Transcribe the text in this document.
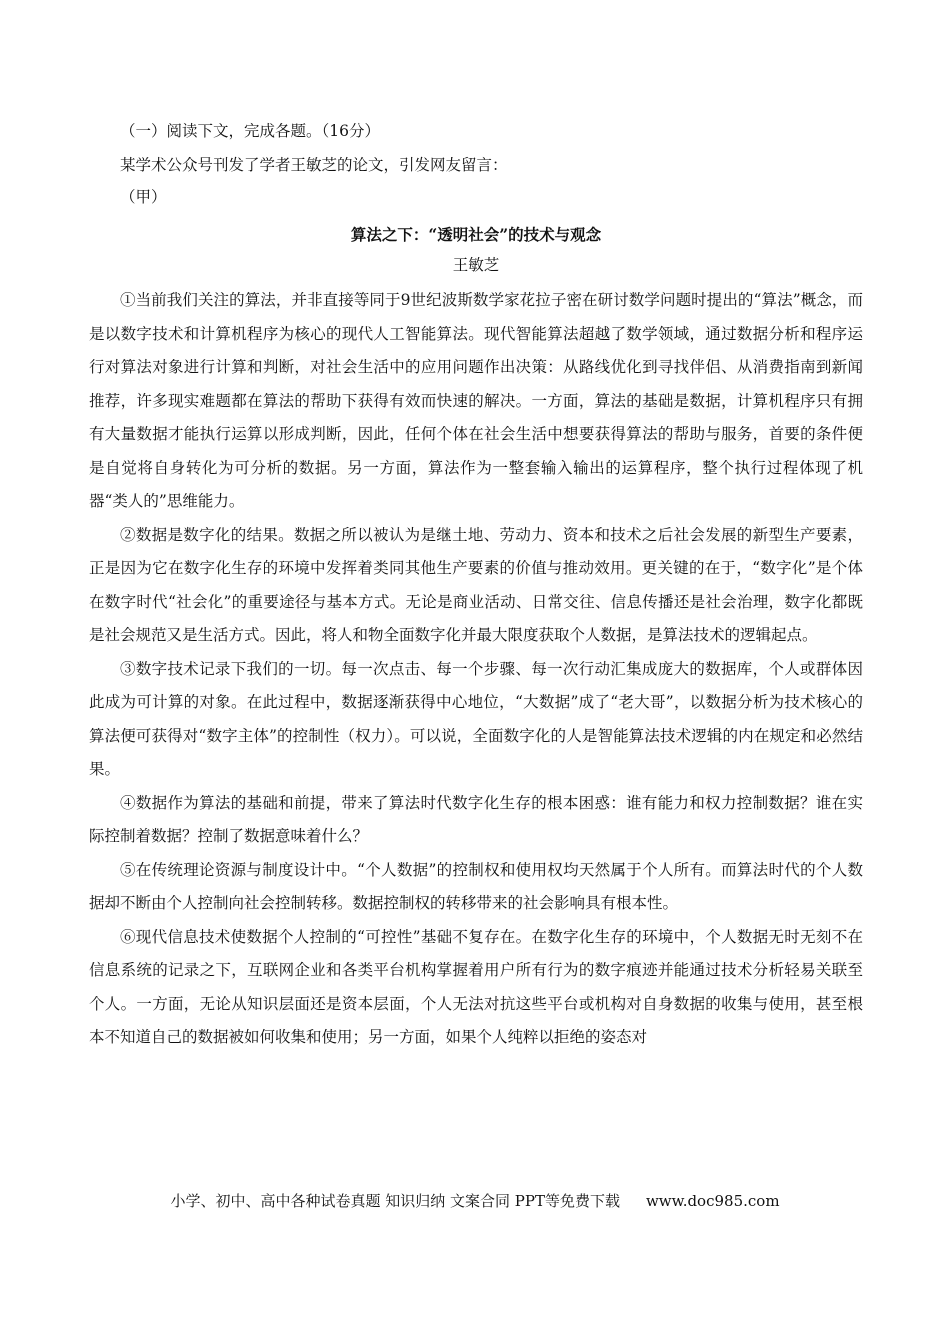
（一）阅读下文，完成各题。（16分）

某学术公众号刊发了学者王敏芝的论文，引发网友留言：

（甲）

算法之下：“透明社会”的技术与观念

王敏芝

①当前我们关注的算法，并非直接等同于9世纪波斯数学家花拉子密在研讨数学问题时提出的“算法”概念，而是以数字技术和计算机程序为核心的现代人工智能算法。现代智能算法超越了数学领域，通过数据分析和程序运行对算法对象进行计算和判断，对社会生活中的应用问题作出决策：从路线优化到寻找伴侣、从消费指南到新闻推荐，许多现实难题都在算法的帮助下获得有效而快速的解决。一方面，算法的基础是数据，计算机程序只有拥有大量数据才能执行运算以形成判断，因此，任何个体在社会生活中想要获得算法的帮助与服务，首要的条件便是自觉将自身转化为可分析的数据。另一方面，算法作为一整套输入输出的运算程序，整个执行过程体现了机器“类人的”思维能力。

②数据是数字化的结果。数据之所以被认为是继土地、劳动力、资本和技术之后社会发展的新型生产要素，正是因为它在数字化生存的环境中发挥着类同其他生产要素的价值与推动效用。更关键的在于，“数字化”是个体在数字时代“社会化”的重要途径与基本方式。无论是商业活动、日常交往、信息传播还是社会治理，数字化都既是社会规范又是生活方式。因此，将人和物全面数字化并最大限度获取个人数据，是算法技术的逻辑起点。

③数字技术记录下我们的一切。每一次点击、每一个步骤、每一次行动汇集成庞大的数据库，个人或群体因此成为可计算的对象。在此过程中，数据逐渐获得中心地位，“大数据”成了“老大哥”，以数据分析为技术核心的算法便可获得对“数字主体”的控制性（权力）。可以说，全面数字化的人是智能算法技术逻辑的内在规定和必然结果。

④数据作为算法的基础和前提，带来了算法时代数字化生存的根本困惑：谁有能力和权力控制数据？谁在实际控制着数据？控制了数据意味着什么？

⑤在传统理论资源与制度设计中。“个人数据”的控制权和使用权均天然属于个人所有。而算法时代的个人数据却不断由个人控制向社会控制转移。数据控制权的转移带来的社会影响具有根本性。

⑥现代信息技术使数据个人控制的“可控性”基础不复存在。在数字化生存的环境中，个人数据无时无刻不在信息系统的记录之下，互联网企业和各类平台机构掌握着用户所有行为的数字痕迹并能通过技术分析轻易关联至个人。一方面，无论从知识层面还是资本层面，个人无法对抗这些平台或机构对自身数据的收集与使用，甚至根本不知道自己的数据被如何收集和使用；另一方面，如果个人纯粹以拒绝的姿态对

小学、初中、高中各种试卷真题 知识归纳 文案合同 PPT等免费下载 www.doc985.com
